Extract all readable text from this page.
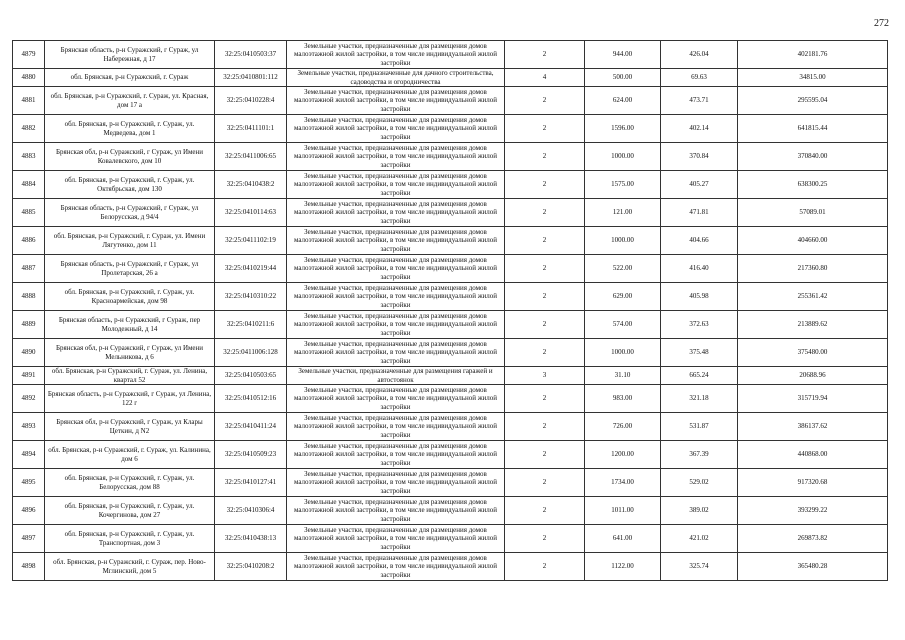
272
4879	Брянская область, р-н Суражский, г Сураж, ул Набережная, д 17	32:25:0410503:37	Земельные участки, предназначенные для размещения домов малоэтажной жилой застройки, в том числе индивидуальной жилой застройки	2	944.00	426.04	402181.76
4880	обл. Брянская, р-н Суражский, г. Сураж	32:25:0410801:112	Земельные участки, предназначенные для дачного строительства, садоводства и огородничества	4	500.00	69.63	34815.00
4881	обл. Брянская, р-н Суражский, г. Сураж, ул. Красная, дом 17 а	32:25:0410228:4	Земельные участки, предназначенные для размещения домов малоэтажной жилой застройки, в том числе индивидуальной жилой застройки	2	624.00	473.71	295595.04
4882	обл. Брянская, р-н Суражский, г. Сураж, ул. Медведева, дом 1	32:25:0411101:1	Земельные участки, предназначенные для размещения домов малоэтажной жилой застройки, в том числе индивидуальной жилой застройки	2	1596.00	402.14	641815.44
4883	Брянская обл, р-н Суражский, г Сураж, ул Имени Ковалевского, дом 10	32:25:0411006:65	Земельные участки, предназначенные для размещения домов малоэтажной жилой застройки, в том числе индивидуальной жилой застройки	2	1000.00	370.84	370840.00
4884	обл. Брянская, р-н Суражский, г. Сураж, ул. Октябрьская, дом 130	32:25:0410438:2	Земельные участки, предназначенные для размещения домов малоэтажной жилой застройки, в том числе индивидуальной жилой застройки	2	1575.00	405.27	638300.25
4885	Брянская область, р-н Суражский, г Сураж, ул Белорусская, д 94/4	32:25:0410114:63	Земельные участки, предназначенные для размещения домов малоэтажной жилой застройки, в том числе индивидуальной жилой застройки	2	121.00	471.81	57089.01
4886	обл. Брянская, р-н Суражский, г. Сураж, ул. Имени Лягутенко, дом 11	32:25:0411102:19	Земельные участки, предназначенные для размещения домов малоэтажной жилой застройки, в том числе индивидуальной жилой застройки	2	1000.00	404.66	404660.00
4887	Брянская область, р-н Суражский, г Сураж, ул Пролетарская, 26 а	32:25:0410219:44	Земельные участки, предназначенные для размещения домов малоэтажной жилой застройки, в том числе индивидуальной жилой застройки	2	522.00	416.40	217360.80
4888	обл. Брянская, р-н Суражский, г. Сураж, ул. Красноармейская, дом 98	32:25:0410310:22	Земельные участки, предназначенные для размещения домов малоэтажной жилой застройки, в том числе индивидуальной жилой застройки	2	629.00	405.98	255361.42
4889	Брянская область, р-н Суражский, г Сураж, пер Молодежный, д 14	32:25:0410211:6	Земельные участки, предназначенные для размещения домов малоэтажной жилой застройки, в том числе индивидуальной жилой застройки	2	574.00	372.63	213889.62
4890	Брянская обл, р-н Суражский, г Сураж, ул Имени Мельникова, д 6	32:25:0411006:128	Земельные участки, предназначенные для размещения домов малоэтажной жилой застройки, в том числе индивидуальной жилой застройки	2	1000.00	375.48	375480.00
4891	обл. Брянская, р-н Суражский, г. Сураж, ул. Ленина, квартал 52	32:25:0410503:65	Земельные участки, предназначенные для размещения гаражей и автостоянок	3	31.10	665.24	20688.96
4892	Брянская область, р-н Суражский, г Сураж, ул Ленина, 122 г	32:25:0410512:16	Земельные участки, предназначенные для размещения домов малоэтажной жилой застройки, в том числе индивидуальной жилой застройки	2	983.00	321.18	315719.94
4893	Брянская обл, р-н Суражский, г Сураж, ул Клары Цеткин, д N2	32:25:0410411:24	Земельные участки, предназначенные для размещения домов малоэтажной жилой застройки, в том числе индивидуальной жилой застройки	2	726.00	531.87	386137.62
4894	обл. Брянская, р-н Суражский, г. Сураж, ул. Калинина, дом 6	32:25:0410509:23	Земельные участки, предназначенные для размещения домов малоэтажной жилой застройки, в том числе индивидуальной жилой застройки	2	1200.00	367.39	440868.00
4895	обл. Брянская, р-н Суражский, г. Сураж, ул. Белорусская, дом 88	32:25:0410127:41	Земельные участки, предназначенные для размещения домов малоэтажной жилой застройки, в том числе индивидуальной жилой застройки	2	1734.00	529.02	917320.68
4896	обл. Брянская, р-н Суражский, г. Сураж, ул. Кочергинова, дом 27	32:25:0410306:4	Земельные участки, предназначенные для размещения домов малоэтажной жилой застройки, в том числе индивидуальной жилой застройки	2	1011.00	389.02	393299.22
4897	обл. Брянская, р-н Суражский, г. Сураж, ул. Транспортная, дом 3	32:25:0410438:13	Земельные участки, предназначенные для размещения домов малоэтажной жилой застройки, в том числе индивидуальной жилой застройки	2	641.00	421.02	269873.82
4898	обл. Брянская, р-н Суражский, г. Сураж, пер. Ново-Мглинский, дом 5	32:25:0410208:2	Земельные участки, предназначенные для размещения домов малоэтажной жилой застройки, в том числе индивидуальной жилой застройки	2	1122.00	325.74	365480.28
